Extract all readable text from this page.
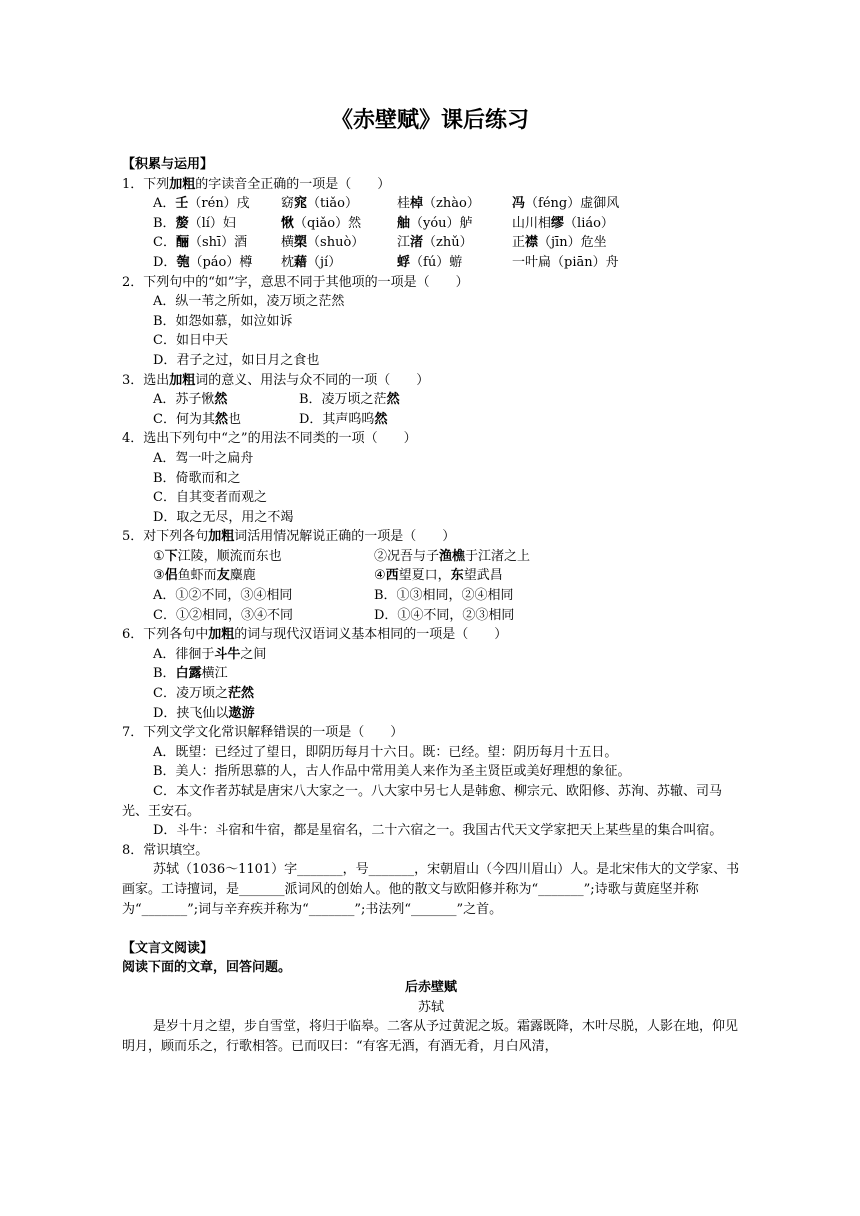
《赤壁赋》课后练习
【积累与运用】
1．下列加粗的字读音全正确的一项是（　　）
A．壬（rén）戌 窈窕（tiǎo）	桂棹（zhào） 冯（féng）虚御风
B．嫠（lí）妇	愀（qiǎo）然	舳（yóu）舻	山川相缪（liáo）
C．酾（shī）酒	横槊（shuò）	江渚（zhǔ）	正襟（jīn）危坐
D．匏（páo）樽 枕藉（jí）	蜉（fú）蝣	一叶扁（piān）舟
2．下列句中的“如”字，意思不同于其他项的一项是（　　）
A．纵一苇之所如，凌万顷之茫然
B．如怨如慕，如泣如诉
C．如日中天
D．君子之过，如日月之食也
3．选出加粗词的意义、用法与众不同的一项（　　）
A．苏子愀然	B．凌万顷之茫然
C．何为其然也	D．其声呜呜然
4．选出下列句中“之”的用法不同类的一项（　　）
A．驾一叶之扁舟
B．倚歌而和之
C．自其变者而观之
D．取之无尽，用之不竭
5．对下列各句加粗词活用情况解说正确的一项是（　　）
①下江陵，顺流而东也	②况吾与子渔樵于江渚之上
③侣鱼虾而友麋鹿	④西望夏口，东望武昌
A．①②不同，③④相同	B．①③相同，②④相同
C．①②相同，③④不同	D．①④不同，②③相同
6．下列各句中加粗的词与现代汉语词义基本相同的一项是（　　）
A．徘徊于斗牛之间
B．白露横江
C．凌万顷之茫然
D．挟飞仙以遨游
7．下列文学文化常识解释错误的一项是（　　）
A．既望：已经过了望日，即阴历每月十六日。既：已经。望：阴历每月十五日。
B．美人：指所思慕的人，古人作品中常用美人来作为圣主贤臣或美好理想的象征。
C．本文作者苏轼是唐宋八大家之一。八大家中另七人是韩愈、柳宗元、欧阳修、苏洵、苏辙、司马光、王安石。
D．斗牛：斗宿和牛宿，都是星宿名，二十六宿之一。我国古代天文学家把天上某些星的集合叫宿。
8．常识填空。
苏轼（1036～1101）字_______，号_______，宋朝眉山（今四川眉山）人。是北宋伟大的文学家、书画家。工诗擅词，是_______派词风的创始人。他的散文与欧阳修并称为“_______”;诗歌与黄庭坚并称为“_______”;词与辛弃疾并称为“_______”;书法列“_______”之首。
【文言文阅读】
阅读下面的文章，回答问题。
后赤壁赋
苏轼
是岁十月之望，步自雪堂，将归于临皋。二客从予过黄泥之坂。霜露既降，木叶尽脱，人影在地，仰见明月，顾而乐之，行歌相答。已而叹曰：“有客无酒，有酒无肴，月白风清，
